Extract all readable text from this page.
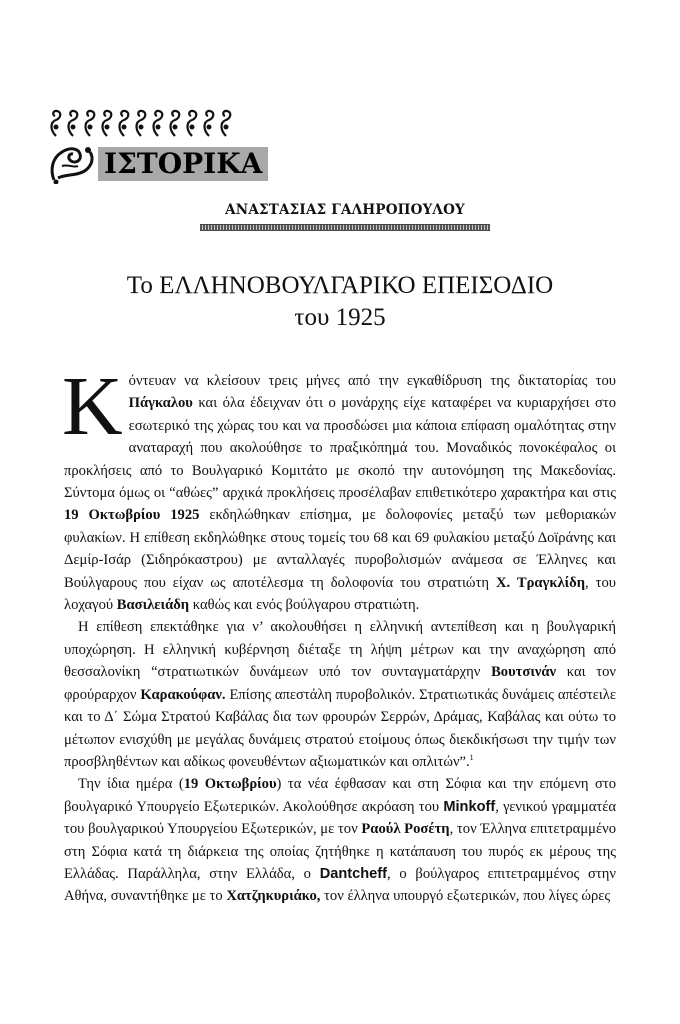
ΙΣΤΟΡΙΚΑ
ΑΝΑΣΤΑΣΙΑΣ ΓΑΛΗΡΟΠΟΥΛΟΥ
Το ΕΛΛΗΝΟΒΟΥΛΓΑΡΙΚΟ ΕΠΕΙΣΟΔΙΟ
του 1925

Κόντευαν να κλείσουν τρεις μήνες από την εγκαθίδρυση της δικτατορίας του Πάγκαλου και όλα έδειχναν ότι ο μονάρχης είχε καταφέρει να κυριαρχήσει στο εσωτερικό της χώρας του και να προσδώσει μια κάποια επίφαση ομαλότητας στην αναταραχή που ακολούθησε το πραξικόπημά του. Μοναδικός πονοκέφαλος οι προκλήσεις από το Βουλγαρικό Κομιτάτο με σκοπό την αυτονόμηση της Μακεδονίας. Σύντομα όμως οι “αθώες” αρχικά προκλήσεις προσέλαβαν επιθετικότερο χαρακτήρα και στις 19 Οκτωβρίου 1925 εκδηλώθηκαν επίσημα, με δολοφονίες μεταξύ των μεθοριακών φυλακίων. Η επίθεση εκδηλώθηκε στους τομείς του 68 και 69 φυλακίου μεταξύ Δοϊράνης και Δεμίρ-Ισάρ (Σιδηρόκαστρου) με ανταλλαγές πυροβολισμών ανάμεσα σε Έλληνες και Βούλγαρους που είχαν ως αποτέλεσμα τη δολοφονία του στρατιώτη Χ. Τραγκλίδη, του λοχαγού Βασιλειάδη καθώς και ενός βούλγαρου στρατιώτη.

Η επίθεση επεκτάθηκε για ν’ ακολουθήσει η ελληνική αντεπίθεση και η βουλγαρική υποχώρηση. Η ελληνική κυβέρνηση διέταξε τη λήψη μέτρων και την αναχώρηση από θεσσαλονίκη “στρατιωτικών δυνάμεων υπό τον συνταγματάρχην Βουτσινάν και τον φρούραρχον Καρακούφαν. Επίσης απεστάλη πυροβολικόν. Στρατιωτικάς δυνάμεις απέστειλε και το Δ΄ Σώμα Στρατού Καβάλας δια των φρουρών Σερρών, Δράμας, Καβάλας και ούτω το μέτωπον ενισχύθη με μεγάλας δυνάμεις στρατού ετοίμους όπως διεκδικήσωσι την τιμήν των προσβληθέντων και αδίκως φονευθέντων αξιωματικών και οπλιτών”.$^1$

Την ίδια ημέρα (19 Οκτωβρίου) τα νέα έφθασαν και στη Σόφια και την επόμενη στο βουλγαρικό Υπουργείο Εξωτερικών. Ακολούθησε ακρόαση του Minkoff, γενικού γραμματέα του βουλγαρικού Υπουργείου Εξωτερικών, με τον Ραούλ Ροσέτη, τον Έλληνα επιτετραμμένο στη Σόφια κατά τη διάρκεια της οποίας ζητήθηκε η κατάπαυση του πυρός εκ μέρους της Ελλάδας. Παράλληλα, στην Ελλάδα, ο Dantcheff, ο βούλγαρος επιτετραμμένος στην Αθήνα, συναντήθηκε με το Χατζηκυριάκο, τον έλληνα υπουργό εξωτερικών, που λίγες ώρες
